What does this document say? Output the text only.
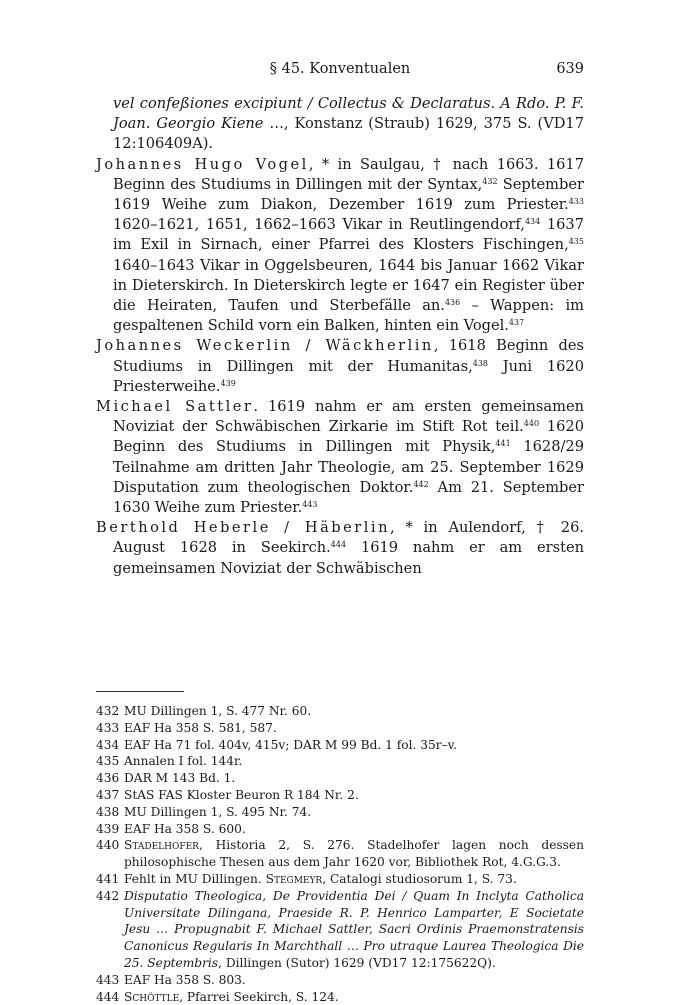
§ 45. Konventualen	639

vel confeßiones excipiunt / Collectus & Declaratus. A Rdo. P. F. Joan. Georgio Kiene …, Konstanz (Straub) 1629, 375 S. (VD17 12:106409A).

Johannes Hugo Vogel, * in Saulgau, † nach 1663. 1617 Beginn des Studiums in Dillingen mit der Syntax,$^{432}$ September 1619 Weihe zum Diakon, Dezember 1619 zum Priester.$^{433}$ 1620–1621, 1651, 1662–1663 Vikar in Reutlingendorf,$^{434}$ 1637 im Exil in Sirnach, einer Pfarrei des Klosters Fischingen,$^{435}$ 1640–1643 Vikar in Oggelsbeuren, 1644 bis Januar 1662 Vikar in Dieterskirch. In Dieterskirch legte er 1647 ein Register über die Heiraten, Taufen und Sterbefälle an.$^{436}$ – Wappen: im gespaltenen Schild vorn ein Balken, hinten ein Vogel.$^{437}$

Johannes Weckerlin / Wäckherlin, 1618 Beginn des Studiums in Dillingen mit der Humanitas,$^{438}$ Juni 1620 Priesterweihe.$^{439}$

Michael Sattler. 1619 nahm er am ersten gemeinsamen Noviziat der Schwäbischen Zirkarie im Stift Rot teil.$^{440}$ 1620 Beginn des Studiums in Dillingen mit Physik,$^{441}$ 1628/29 Teilnahme am dritten Jahr Theologie, am 25. September 1629 Disputation zum theologischen Doktor.$^{442}$ Am 21. September 1630 Weihe zum Priester.$^{443}$

Berthold Heberle / Häberlin, * in Aulendorf, † 26. August 1628 in Seekirch.$^{444}$ 1619 nahm er am ersten gemeinsamen Noviziat der Schwäbischen

432 MU Dillingen 1, S. 477 Nr. 60.
433 EAF Ha 358 S. 581, 587.
434 EAF Ha 71 fol. 404v, 415v; DAR M 99 Bd. 1 fol. 35r–v.
435 Annalen I fol. 144r.
436 DAR M 143 Bd. 1.
437 StAS FAS Kloster Beuron R 184 Nr. 2.
438 MU Dillingen 1, S. 495 Nr. 74.
439 EAF Ha 358 S. 600.
440 Stadelhofer, Historia 2, S. 276. Stadelhofer lagen noch dessen philosophische Thesen aus dem Jahr 1620 vor, Bibliothek Rot, 4.G.G.3.
441 Fehlt in MU Dillingen. Stegmeyr, Catalogi studiosorum 1, S. 73.
442 Disputatio Theologica, De Providentia Dei / Quam In Inclyta Catholica Universitate Dilingana, Praeside R. P. Henrico Lamparter, E Societate Jesu … Propugnabit F. Michael Sattler, Sacri Ordinis Praemonstratensis Canonicus Regularis In Marchthall … Pro utraque Laurea Theologica Die 25. Septembris, Dillingen (Sutor) 1629 (VD17 12:175622Q).
443 EAF Ha 358 S. 803.
444 Schöttle, Pfarrei Seekirch, S. 124.
